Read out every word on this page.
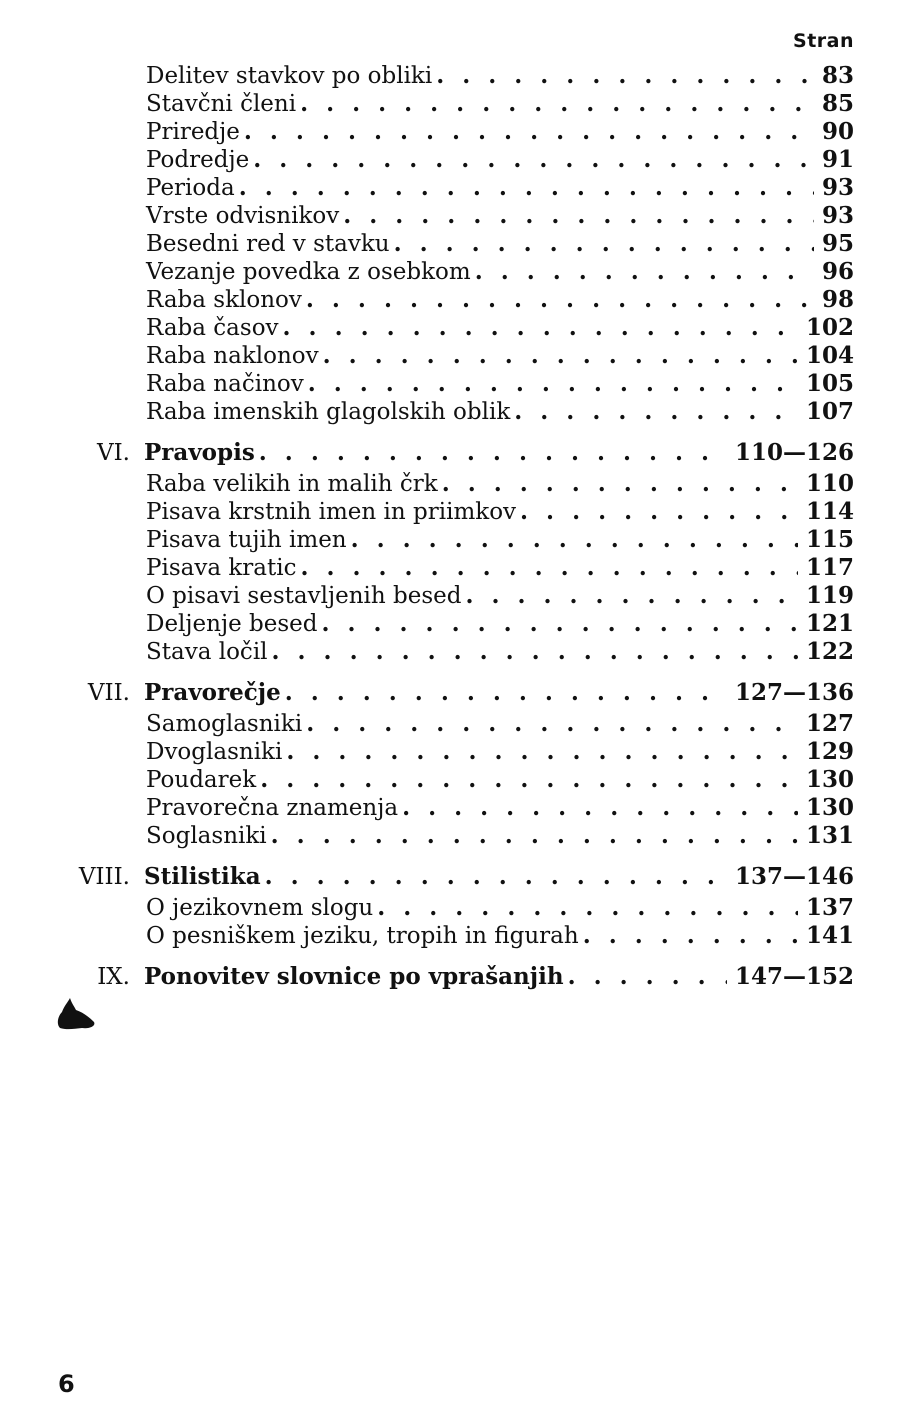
Stran
Delitev stavkov po obliki . . .	83
Stavčni členi . . .	85
Priredje . . .	90
Podredje . . .	91
Perioda . . .	93
Vrste odvisnikov . . .	93
Besedni red v stavku . . .	95
Vezanje povedka z osebkom . . .	96
Raba sklonov . . .	98
Raba časov . . .	102
Raba naklonov . . .	104
Raba načinov . . .	105
Raba imenskih glagolskih oblik . . .	107
VI. Pravopis . . .	110—126
Raba velikih in malih črk . . .	110
Pisava krstnih imen in priimkov . . .	114
Pisava tujih imen . . .	115
Pisava kratic . . .	117
O pisavi sestavljenih besed . . .	119
Deljenje besed . . .	121
Stava ločil . . .	122
VII. Pravorečje . . .	127—136
Samoglasniki . . .	127
Dvoglasniki . . .	129
Poudarek . . .	130
Pravorečna znamenja . . .	130
Soglasniki . . .	131
VIII. Stilistika . . .	137—146
O jezikovnem slogu . . .	137
O pesniškem jeziku, tropih in figurah . . .	141
IX. Ponovitev slovnice po vprašanjih . . .	147—152
6
